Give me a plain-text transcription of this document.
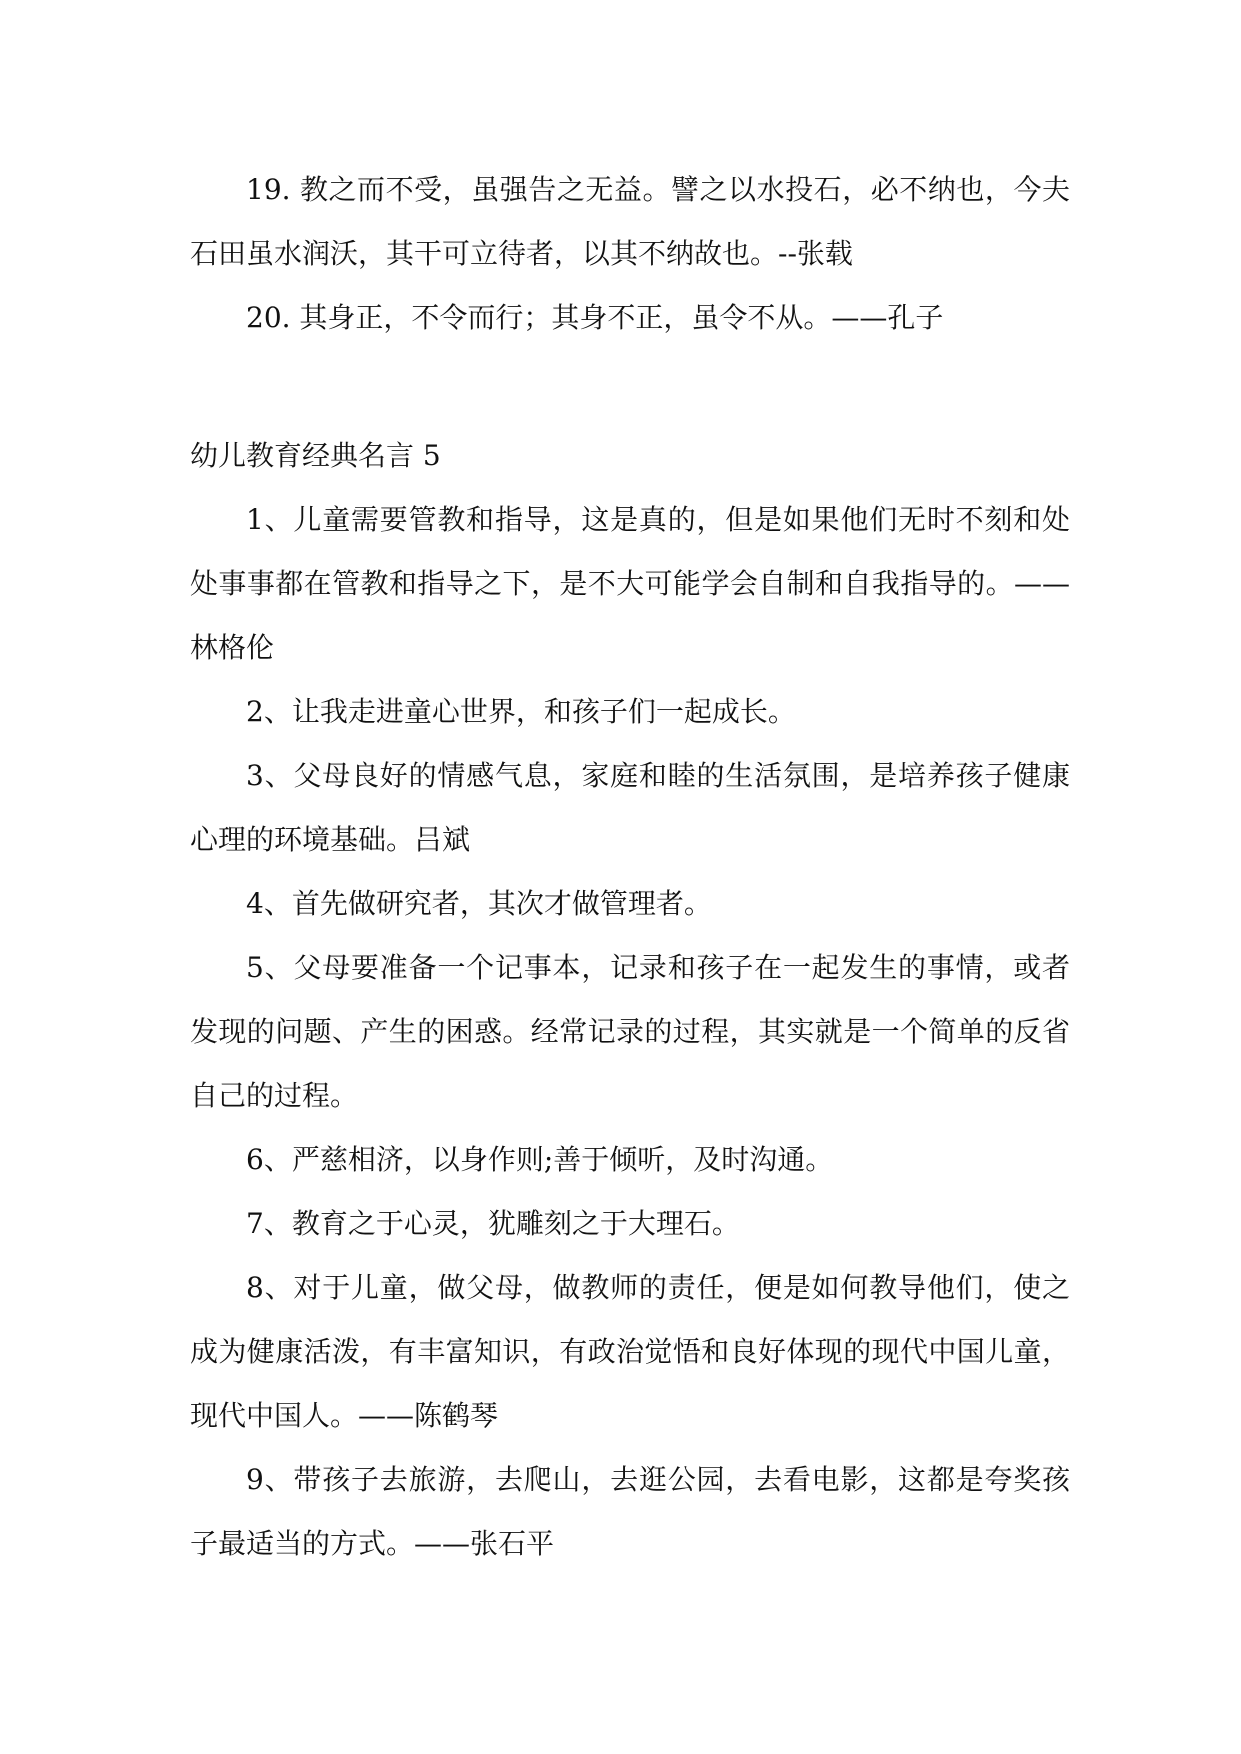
19. 教之而不受，虽强告之无益。譬之以水投石，必不纳也，今夫石田虽水润沃，其干可立待者，以其不纳故也。--张载

20. 其身正，不令而行；其身不正，虽令不从。——孔子

幼儿教育经典名言 5

1、儿童需要管教和指导，这是真的，但是如果他们无时不刻和处处事事都在管教和指导之下，是不大可能学会自制和自我指导的。——林格伦

2、让我走进童心世界，和孩子们一起成长。

3、父母良好的情感气息，家庭和睦的生活氛围，是培养孩子健康心理的环境基础。吕斌

4、首先做研究者，其次才做管理者。

5、父母要准备一个记事本，记录和孩子在一起发生的事情，或者发现的问题、产生的困惑。经常记录的过程，其实就是一个简单的反省自己的过程。

6、严慈相济，以身作则;善于倾听，及时沟通。

7、教育之于心灵，犹雕刻之于大理石。

8、对于儿童，做父母，做教师的责任，便是如何教导他们，使之成为健康活泼，有丰富知识，有政治觉悟和良好体现的现代中国儿童，现代中国人。——陈鹤琴

9、带孩子去旅游，去爬山，去逛公园，去看电影，这都是夸奖孩子最适当的方式。——张石平
